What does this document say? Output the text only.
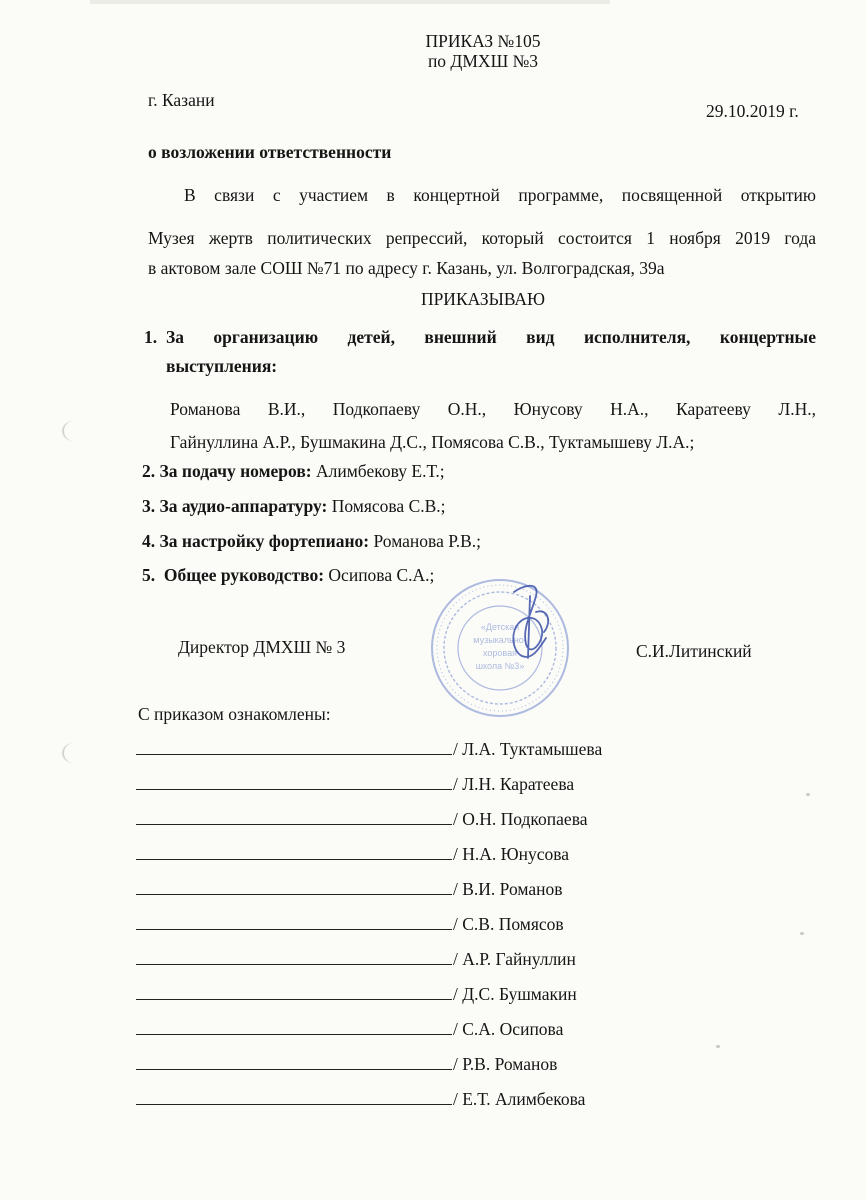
ПРИКАЗ №105
по ДМХШ №3
г. Казани
29.10.2019 г.
о возложении ответственности
В связи с участием в концертной программе, посвященной открытию
Музея жертв политических репрессий, который состоится 1 ноября 2019 года
в актовом зале СОШ №71 по адресу г. Казань, ул. Волгоградская, 39а
ПРИКАЗЫВАЮ
1. За организацию детей, внешний вид исполнителя, концертные
выступления:
Романова В.И., Подкопаеву О.Н., Юнусову Н.А., Каратееву Л.Н.,
Гайнуллина А.Р., Бушмакина Д.С., Помясова С.В., Туктамышеву Л.А.;
2. За подачу номеров: Алимбекову Е.Т.;
3. За аудио-аппаратуру: Помясова С.В.;
4. За настройку фортепиано: Романова Р.В.;
5. Общее руководство: Осипова С.А.;
«Детская
музыкально-
хоровая
школа №3»
Директор ДМХШ № 3	С.И.Литинский
С приказом ознакомлены:
/ Л.А. Туктамышева
/ Л.Н. Каратеева
/ О.Н. Подкопаева
/ Н.А. Юнусова
/ В.И. Романов
/ С.В. Помясов
/ А.Р. Гайнуллин
/ Д.С. Бушмакин
/ С.А. Осипова
/ Р.В. Романов
/ Е.Т. Алимбекова
